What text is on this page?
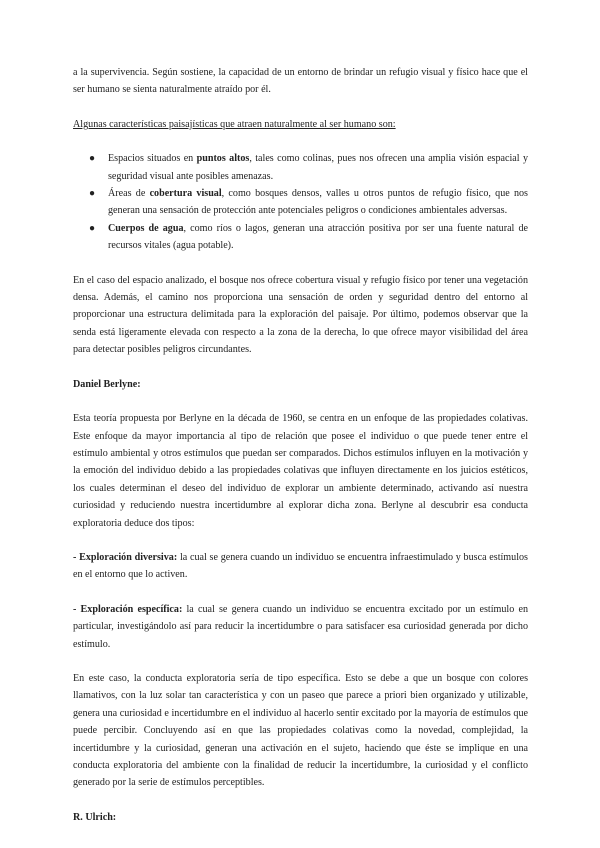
a la supervivencia. Según sostiene, la capacidad de un entorno de brindar un refugio visual y físico hace que el ser humano se sienta naturalmente atraído por él.

Algunas características paisajísticas que atraen naturalmente al ser humano son:

● Espacios situados en puntos altos, tales como colinas, pues nos ofrecen una amplia visión espacial y seguridad visual ante posibles amenazas.
● Áreas de cobertura visual, como bosques densos, valles u otros puntos de refugio físico, que nos generan una sensación de protección ante potenciales peligros o condiciones ambientales adversas.
● Cuerpos de agua, como ríos o lagos, generan una atracción positiva por ser una fuente natural de recursos vitales (agua potable).

En el caso del espacio analizado, el bosque nos ofrece cobertura visual y refugio físico por tener una vegetación densa. Además, el camino nos proporciona una sensación de orden y seguridad dentro del entorno al proporcionar una estructura delimitada para la exploración del paisaje. Por último, podemos observar que la senda está ligeramente elevada con respecto a la zona de la derecha, lo que ofrece mayor visibilidad del área para detectar posibles peligros circundantes.

Daniel Berlyne:

Esta teoría propuesta por Berlyne en la década de 1960, se centra en un enfoque de las propiedades colativas. Este enfoque da mayor importancia al tipo de relación que posee el individuo o que puede tener entre el estímulo ambiental y otros estímulos que puedan ser comparados. Dichos estímulos influyen en la motivación y la emoción del individuo debido a las propiedades colativas que influyen directamente en los juicios estéticos, los cuales determinan el deseo del individuo de explorar un ambiente determinado, activando así nuestra curiosidad y reduciendo nuestra incertidumbre al explorar dicha zona. Berlyne al descubrir esa conducta exploratoria deduce dos tipos:

- Exploración diversiva: la cual se genera cuando un individuo se encuentra infraestimulado y busca estímulos en el entorno que lo activen.

- Exploración específica: la cual se genera cuando un individuo se encuentra excitado por un estímulo en particular, investigándolo así para reducir la incertidumbre o para satisfacer esa curiosidad generada por dicho estímulo.

En este caso, la conducta exploratoria sería de tipo específica. Esto se debe a que un bosque con colores llamativos, con la luz solar tan característica y con un paseo que parece a priori bien organizado y utilizable, genera una curiosidad e incertidumbre en el individuo al hacerlo sentir excitado por la mayoría de estímulos que puede percibir. Concluyendo así en que las propiedades colativas como la novedad, complejidad, la incertidumbre y la curiosidad, generan una activación en el sujeto, haciendo que éste se implique en una conducta exploratoria del ambiente con la finalidad de reducir la incertidumbre, la curiosidad y el conflicto generado por la serie de estímulos perceptibles.

R. Ulrich:
